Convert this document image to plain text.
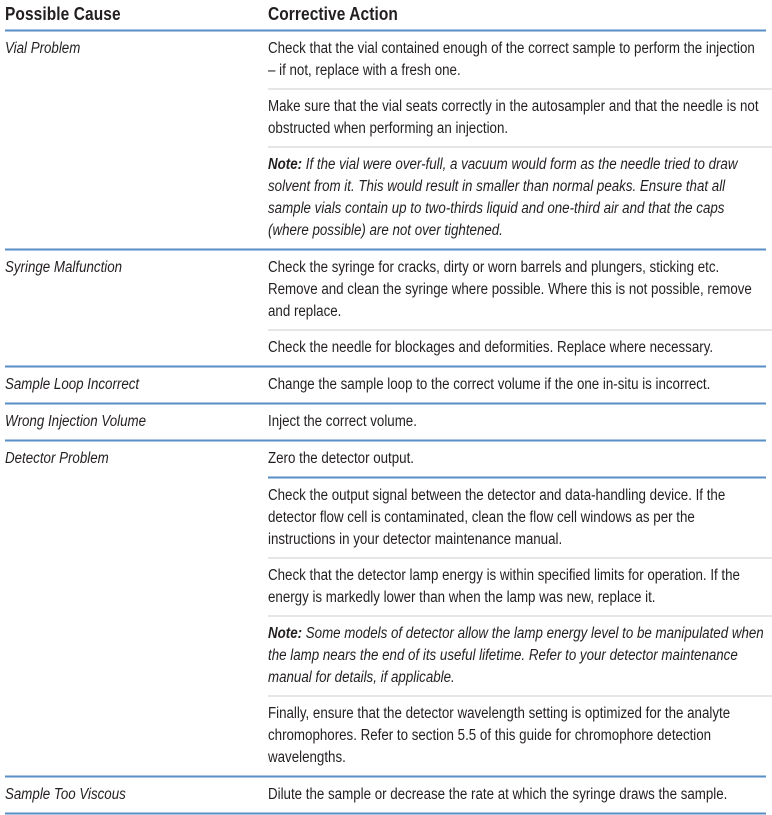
Possible Cause	Corrective Action
Vial Problem	Check that the vial contained enough of the correct sample to perform the injection – if not, replace with a fresh one.
Make sure that the vial seats correctly in the autosampler and that the needle is not obstructed when performing an injection.
Note: If the vial were over-full, a vacuum would form as the needle tried to draw solvent from it. This would result in smaller than normal peaks. Ensure that all sample vials contain up to two-thirds liquid and one-third air and that the caps (where possible) are not over tightened.
Syringe Malfunction	Check the syringe for cracks, dirty or worn barrels and plungers, sticking etc. Remove and clean the syringe where possible. Where this is not possible, remove and replace.
Check the needle for blockages and deformities. Replace where necessary.
Sample Loop Incorrect	Change the sample loop to the correct volume if the one in-situ is incorrect.
Wrong Injection Volume	Inject the correct volume.
Detector Problem	Zero the detector output.
Check the output signal between the detector and data-handling device. If the detector flow cell is contaminated, clean the flow cell windows as per the instructions in your detector maintenance manual.
Check that the detector lamp energy is within specified limits for operation. If the energy is markedly lower than when the lamp was new, replace it.
Note: Some models of detector allow the lamp energy level to be manipulated when the lamp nears the end of its useful lifetime. Refer to your detector maintenance manual for details, if applicable.
Finally, ensure that the detector wavelength setting is optimized for the analyte chromophores. Refer to section 5.5 of this guide for chromophore detection wavelengths.
Sample Too Viscous	Dilute the sample or decrease the rate at which the syringe draws the sample.
